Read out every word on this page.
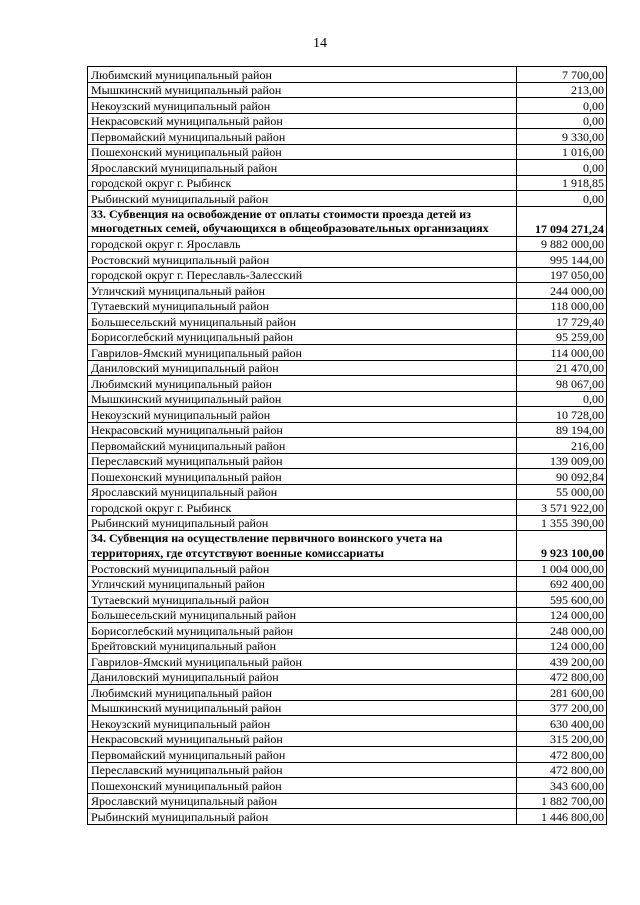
14
Любимский муниципальный район	7 700,00
Мышкинский муниципальный район	213,00
Некоузский муниципальный район	0,00
Некрасовский муниципальный район	0,00
Первомайский муниципальный район	9 330,00
Пошехонский муниципальный район	1 016,00
Ярославский муниципальный район	0,00
городской округ г. Рыбинск	1 918,85
Рыбинский муниципальный район	0,00
33. Субвенция на освобождение от оплаты стоимости проезда детей из многодетных семей, обучающихся в общеобразовательных организациях	17 094 271,24
городской округ г. Ярославль	9 882 000,00
Ростовский муниципальный район	995 144,00
городской округ г. Переславль-Залесский	197 050,00
Угличский муниципальный район	244 000,00
Тутаевский муниципальный район	118 000,00
Большесельский муниципальный район	17 729,40
Борисоглебский муниципальный район	95 259,00
Гаврилов-Ямский муниципальный район	114 000,00
Даниловский муниципальный район	21 470,00
Любимский муниципальный район	98 067,00
Мышкинский муниципальный район	0,00
Некоузский муниципальный район	10 728,00
Некрасовский муниципальный район	89 194,00
Первомайский муниципальный район	216,00
Переславский муниципальный район	139 009,00
Пошехонский муниципальный район	90 092,84
Ярославский муниципальный район	55 000,00
городской округ г. Рыбинск	3 571 922,00
Рыбинский муниципальный район	1 355 390,00
34. Субвенция на осуществление первичного воинского учета на территориях, где отсутствуют военные комиссариаты	9 923 100,00
Ростовский муниципальный район	1 004 000,00
Угличский муниципальный район	692 400,00
Тутаевский муниципальный район	595 600,00
Большесельский муниципальный район	124 000,00
Борисоглебский муниципальный район	248 000,00
Брейтовский муниципальный район	124 000,00
Гаврилов-Ямский муниципальный район	439 200,00
Даниловский муниципальный район	472 800,00
Любимский муниципальный район	281 600,00
Мышкинский муниципальный район	377 200,00
Некоузский муниципальный район	630 400,00
Некрасовский муниципальный район	315 200,00
Первомайский муниципальный район	472 800,00
Переславский муниципальный район	472 800,00
Пошехонский муниципальный район	343 600,00
Ярославский муниципальный район	1 882 700,00
Рыбинский муниципальный район	1 446 800,00
